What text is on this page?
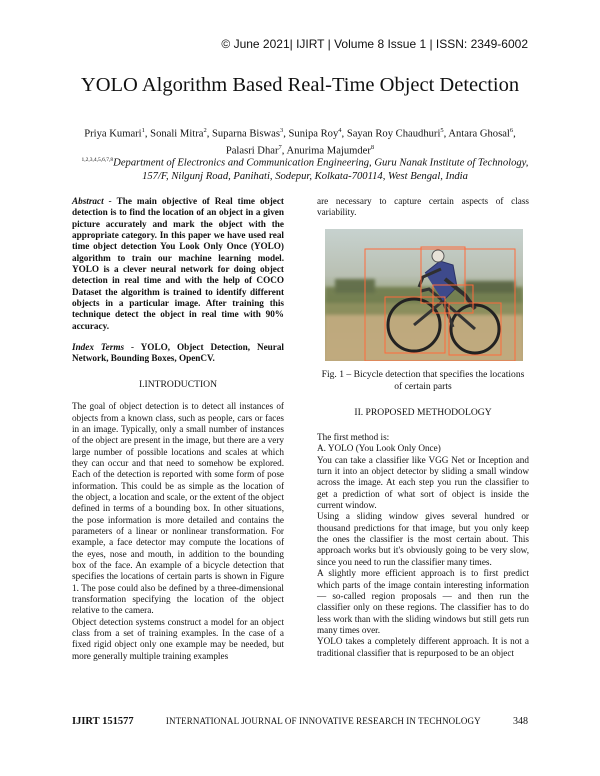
© June 2021| IJIRT | Volume 8 Issue 1 | ISSN: 2349-6002
YOLO Algorithm Based Real-Time Object Detection
Priya Kumari$^1$, Sonali Mitra$^2$, Suparna Biswas$^3$, Sunipa Roy$^4$, Sayan Roy Chaudhuri$^5$, Antara Ghosal$^6$,
Palasri Dhar$^7$, Anurima Majumder$^8$
$^{1,2,3,4,5,6,7,8}$Department of Electronics and Communication Engineering, Guru Nanak Institute of Technology, 157/F, Nilgunj Road, Panihati, Sodepur, Kolkata-700114, West Bengal, India

Abstract - The main objective of Real time object detection is to find the location of an object in a given picture accurately and mark the object with the appropriate category. In this paper we have used real time object detection You Look Only Once (YOLO) algorithm to train our machine learning model. YOLO is a clever neural network for doing object detection in real time and with the help of COCO Dataset the algorithm is trained to identify different objects in a particular image. After training this technique detect the object in real time with 90% accuracy.

Index Terms - YOLO, Object Detection, Neural Network, Bounding Boxes, OpenCV.

I.INTRODUCTION

The goal of object detection is to detect all instances of objects from a known class, such as people, cars or faces in an image. Typically, only a small number of instances of the object are present in the image, but there are a very large number of possible locations and scales at which they can occur and that need to somehow be explored. Each of the detection is reported with some form of pose information. This could be as simple as the location of the object, a location and scale, or the extent of the object defined in terms of a bounding box. In other situations, the pose information is more detailed and contains the parameters of a linear or nonlinear transformation. For example, a face detector may compute the locations of the eyes, nose and mouth, in addition to the bounding box of the face. An example of a bicycle detection that specifies the locations of certain parts is shown in Figure 1. The pose could also be defined by a three-dimensional transformation specifying the location of the object relative to the camera.

Object detection systems construct a model for an object class from a set of training examples. In the case of a fixed rigid object only one example may be needed, but more generally multiple training examples

are necessary to capture certain aspects of class variability.

Fig. 1 – Bicycle detection that specifies the locations of certain parts

II. PROPOSED METHODOLOGY

The first method is:

A. YOLO (You Look Only Once)

You can take a classifier like VGG Net or Inception and turn it into an object detector by sliding a small window across the image. At each step you run the classifier to get a prediction of what sort of object is inside the current window.

Using a sliding window gives several hundred or thousand predictions for that image, but you only keep the ones the classifier is the most certain about. This approach works but it's obviously going to be very slow, since you need to run the classifier many times.

A slightly more efficient approach is to first predict which parts of the image contain interesting information — so-called region proposals — and then run the classifier only on these regions. The classifier has to do less work than with the sliding windows but still gets run many times over.

YOLO takes a completely different approach. It is not a traditional classifier that is repurposed to be an object

IJIRT 151577	INTERNATIONAL JOURNAL OF INNOVATIVE RESEARCH IN TECHNOLOGY	348
